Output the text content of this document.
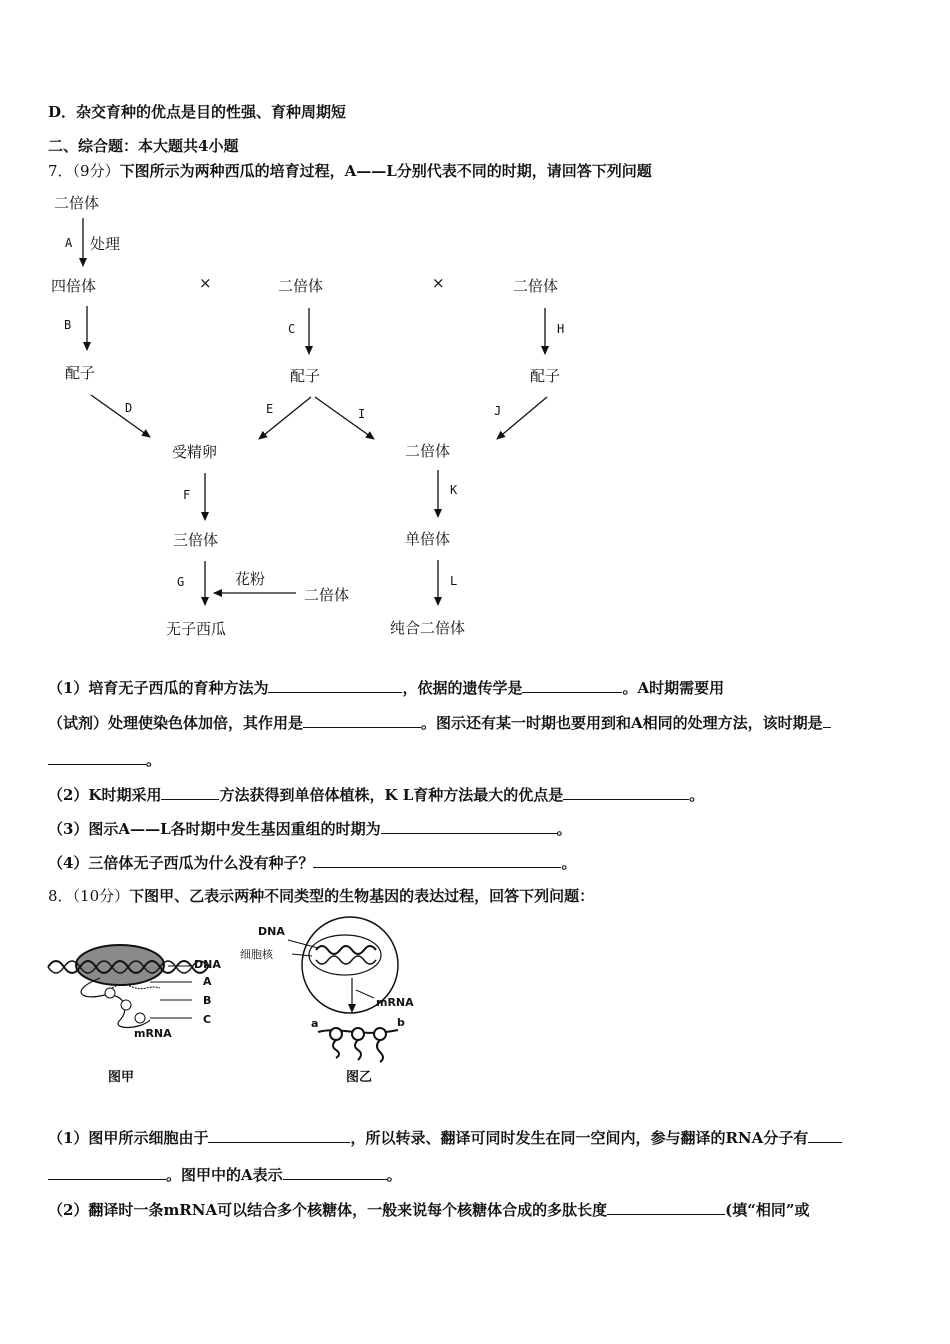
D．杂交育种的优点是目的性强、育种周期短
二、综合题：本大题共4小题
7．（9分）下图所示为两种西瓜的培育过程，A——L分别代表不同的时期，请回答下列问题
二倍体
A 处理
四倍体	×	二倍体	×	二倍体
B	C	H
配子	配子	配子
D	E	I	J
受精卵	二倍体
F	K
三倍体	单倍体
G	花粉
二倍体
L
无子西瓜	纯合二倍体
（1）培育无子西瓜的育种方法为	，依据的遗传学是	。A时期需要用
（试剂）处理使染色体加倍，其作用是	。图示还有某一时期也要用到和A相同的处理方法，该时期是
。
（2）K时期采用	方法获得到单倍体植株，K L育种方法最大的优点是	。
（3）图示A——L各时期中发生基因重组的时期为	。
（4）三倍体无子西瓜为什么没有种子？	。
8．（10分）下图甲、乙表示两种不同类型的生物基因的表达过程，回答下列问题：
DNA
A
B
C
mRNA
图甲
DNA
细胞核
mRNA
a	b
图乙
（1）图甲所示细胞由于	，所以转录、翻译可同时发生在同一空间内，参与翻译的RNA分子有
。图甲中的A表示	。
（2）翻译时一条mRNA可以结合多个核糖体，一般来说每个核糖体合成的多肽长度	(填“相同”或
